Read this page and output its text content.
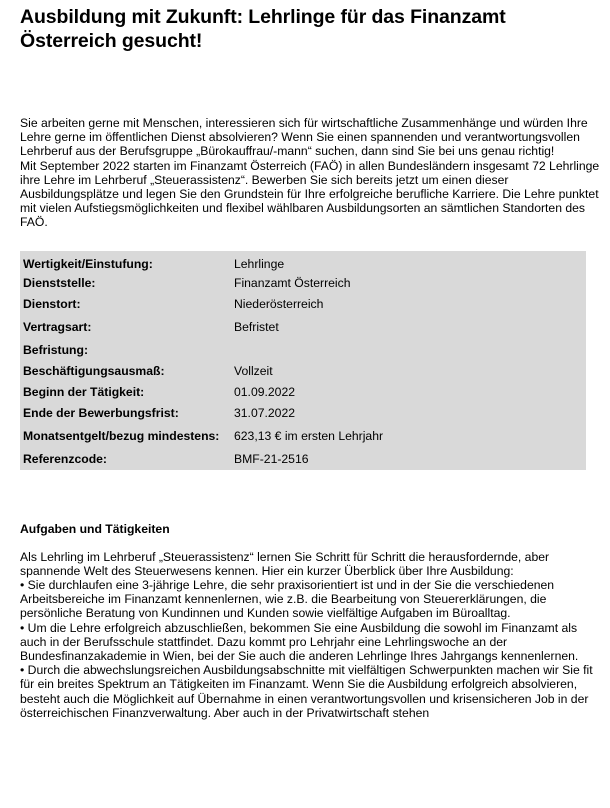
Ausbildung mit Zukunft: Lehrlinge für das Finanzamt Österreich gesucht!

Sie arbeiten gerne mit Menschen, interessieren sich für wirtschaftliche Zusammenhänge und würden Ihre Lehre gerne im öffentlichen Dienst absolvieren? Wenn Sie einen spannenden und verantwortungsvollen Lehrberuf aus der Berufsgruppe „Bürokauffrau/-mann“ suchen, dann sind Sie bei uns genau richtig!

Mit September 2022 starten im Finanzamt Österreich (FAÖ) in allen Bundesländern insgesamt 72 Lehrlinge ihre Lehre im Lehrberuf „Steuerassistenz“. Bewerben Sie sich bereits jetzt um einen dieser Ausbildungsplätze und legen Sie den Grundstein für Ihre erfolgreiche berufliche Karriere. Die Lehre punktet mit vielen Aufstiegsmöglichkeiten und flexibel wählbaren Ausbildungsorten an sämtlichen Standorten des FAÖ.

Wertigkeit/Einstufung:	Lehrlinge
Dienststelle:	Finanzamt Österreich
Dienstort:	Niederösterreich
Vertragsart:	Befristet
Befristung:	
Beschäftigungsausmaß:	Vollzeit
Beginn der Tätigkeit:	01.09.2022
Ende der Bewerbungsfrist:	31.07.2022
Monatsentgelt/bezug mindestens:	623,13 € im ersten Lehrjahr
Referenzcode:	BMF-21-2516
Aufgaben und Tätigkeiten

Als Lehrling im Lehrberuf „Steuerassistenz“ lernen Sie Schritt für Schritt die herausfordernde, aber spannende Welt des Steuerwesens kennen. Hier ein kurzer Überblick über Ihre Ausbildung:

• Sie durchlaufen eine 3-jährige Lehre, die sehr praxisorientiert ist und in der Sie die verschiedenen Arbeitsbereiche im Finanzamt kennenlernen, wie z.B. die Bearbeitung von Steuererklärungen, die persönliche Beratung von Kundinnen und Kunden sowie vielfältige Aufgaben im Büroalltag.

• Um die Lehre erfolgreich abzuschließen, bekommen Sie eine Ausbildung die sowohl im Finanzamt als auch in der Berufsschule stattfindet. Dazu kommt pro Lehrjahr eine Lehrlingswoche an der Bundesfinanzakademie in Wien, bei der Sie auch die anderen Lehrlinge Ihres Jahrgangs kennenlernen.

• Durch die abwechslungsreichen Ausbildungsabschnitte mit vielfältigen Schwerpunkten machen wir Sie fit für ein breites Spektrum an Tätigkeiten im Finanzamt. Wenn Sie die Ausbildung erfolgreich absolvieren, besteht auch die Möglichkeit auf Übernahme in einen verantwortungsvollen und krisensicheren Job in der österreichischen Finanzverwaltung. Aber auch in der Privatwirtschaft stehen
